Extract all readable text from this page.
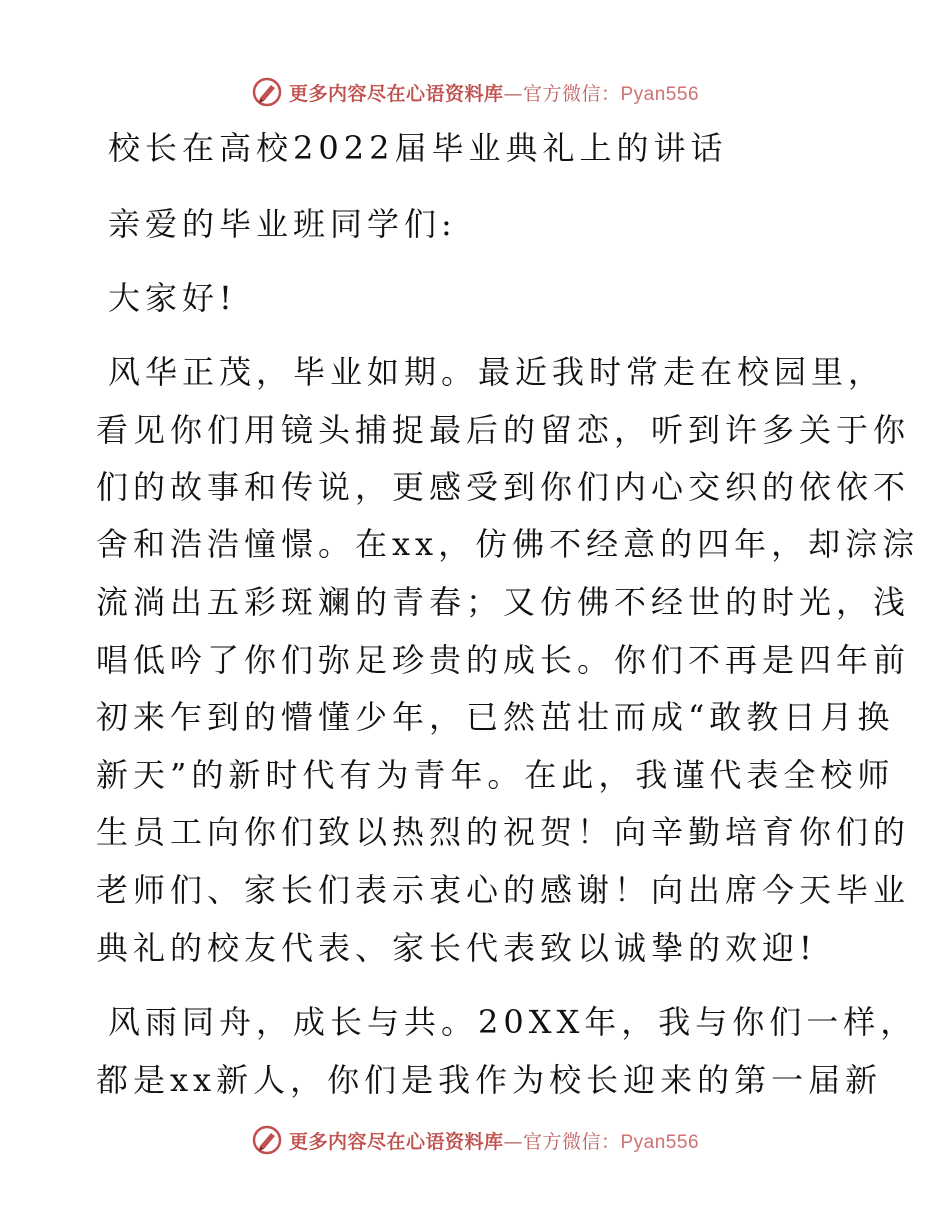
更多内容尽在心语资料库—官方微信：Pyan556
校长在高校2022届毕业典礼上的讲话
亲爱的毕业班同学们:
大家好!
风华正茂，毕业如期。最近我时常走在校园里，
看见你们用镜头捕捉最后的留恋，听到许多关于你
们的故事和传说，更感受到你们内心交织的依依不
舍和浩浩憧憬。在xx，仿佛不经意的四年，却淙淙
流淌出五彩斑斓的青春；又仿佛不经世的时光，浅
唱低吟了你们弥足珍贵的成长。你们不再是四年前
初来乍到的懵懂少年，已然茁壮而成“敢教日月换
新天”的新时代有为青年。在此，我谨代表全校师
生员工向你们致以热烈的祝贺！向辛勤培育你们的
老师们、家长们表示衷心的感谢！向出席今天毕业
典礼的校友代表、家长代表致以诚挚的欢迎!
风雨同舟，成长与共。20XX年，我与你们一样，
都是xx新人，你们是我作为校长迎来的第一届新
更多内容尽在心语资料库—官方微信：Pyan556
